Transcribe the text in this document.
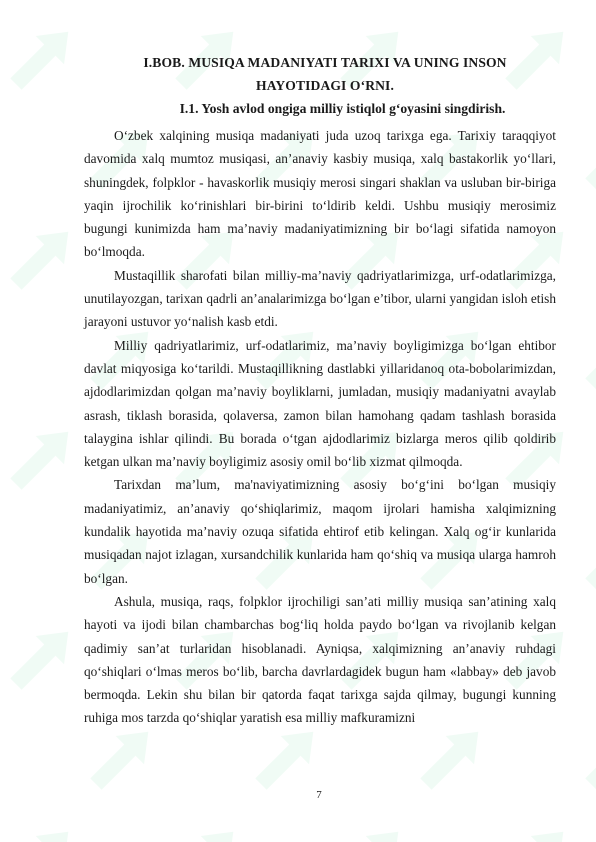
I.BOB. MUSIQA MADANIYATI TARIXI VA UNING INSON
HAYOTIDAGI O‘RNI.
I.1. Yosh avlod ongiga milliy istiqlol g‘oyasini singdirish.

O‘zbek xalqining musiqa madaniyati juda uzoq tarixga ega. Tarixiy taraqqiyot davomida xalq mumtoz musiqasi, an’anaviy kasbiy musiqa, xalq bastakorlik yo‘llari, shuningdek, folpklor - havaskorlik musiqiy merosi singari shaklan va usluban bir-biriga yaqin ijrochilik ko‘rinishlari bir-birini to‘ldirib keldi. Ushbu musiqiy merosimiz bugungi kunimizda ham ma’naviy madaniyatimizning bir bo‘lagi sifatida namoyon bo‘lmoqda.

Mustaqillik sharofati bilan milliy-ma’naviy qadriyatlarimizga, urf-odatlarimizga, unutilayozgan, tarixan qadrli an’analarimizga bo‘lgan e’tibor, ularni yangidan isloh etish jarayoni ustuvor yo‘nalish kasb etdi.

Milliy qadriyatlarimiz, urf-odatlarimiz, ma’naviy boyligimizga bo‘lgan ehtibor davlat miqyosiga ko‘tarildi. Mustaqillikning dastlabki yillaridanoq ota-bobolarimizdan, ajdodlarimizdan qolgan ma’naviy boyliklarni, jumladan, musiqiy madaniyatni avaylab asrash, tiklash borasida, qolaversa, zamon bilan hamohang qadam tashlash borasida talaygina ishlar qilindi. Bu borada o‘tgan ajdodlarimiz bizlarga meros qilib qoldirib ketgan ulkan ma’naviy boyligimiz asosiy omil bo‘lib xizmat qilmoqda.

Tarixdan ma’lum, ma'naviyatimizning asosiy bo‘g‘ini bo‘lgan musiqiy madaniyatimiz, an’anaviy qo‘shiqlarimiz, maqom ijrolari hamisha xalqimizning kundalik hayotida ma’naviy ozuqa sifatida ehtirof etib kelingan. Xalq og‘ir kunlarida musiqadan najot izlagan, xursandchilik kunlarida ham qo‘shiq va musiqa ularga hamroh bo‘lgan.

Ashula, musiqa, raqs, folpklor ijrochiligi san’ati milliy musiqa san’atining xalq hayoti va ijodi bilan chambarchas bog‘liq holda paydo bo‘lgan va rivojlanib kelgan qadimiy san’at turlaridan hisoblanadi. Ayniqsa, xalqimizning an’anaviy ruhdagi qo‘shiqlari o‘lmas meros bo‘lib, barcha davrlardagidek bugun ham «labbay» deb javob bermoqda. Lekin shu bilan bir qatorda faqat tarixga sajda qilmay, bugungi kunning ruhiga mos tarzda qo‘shiqlar yaratish esa milliy mafkuramizni

7
